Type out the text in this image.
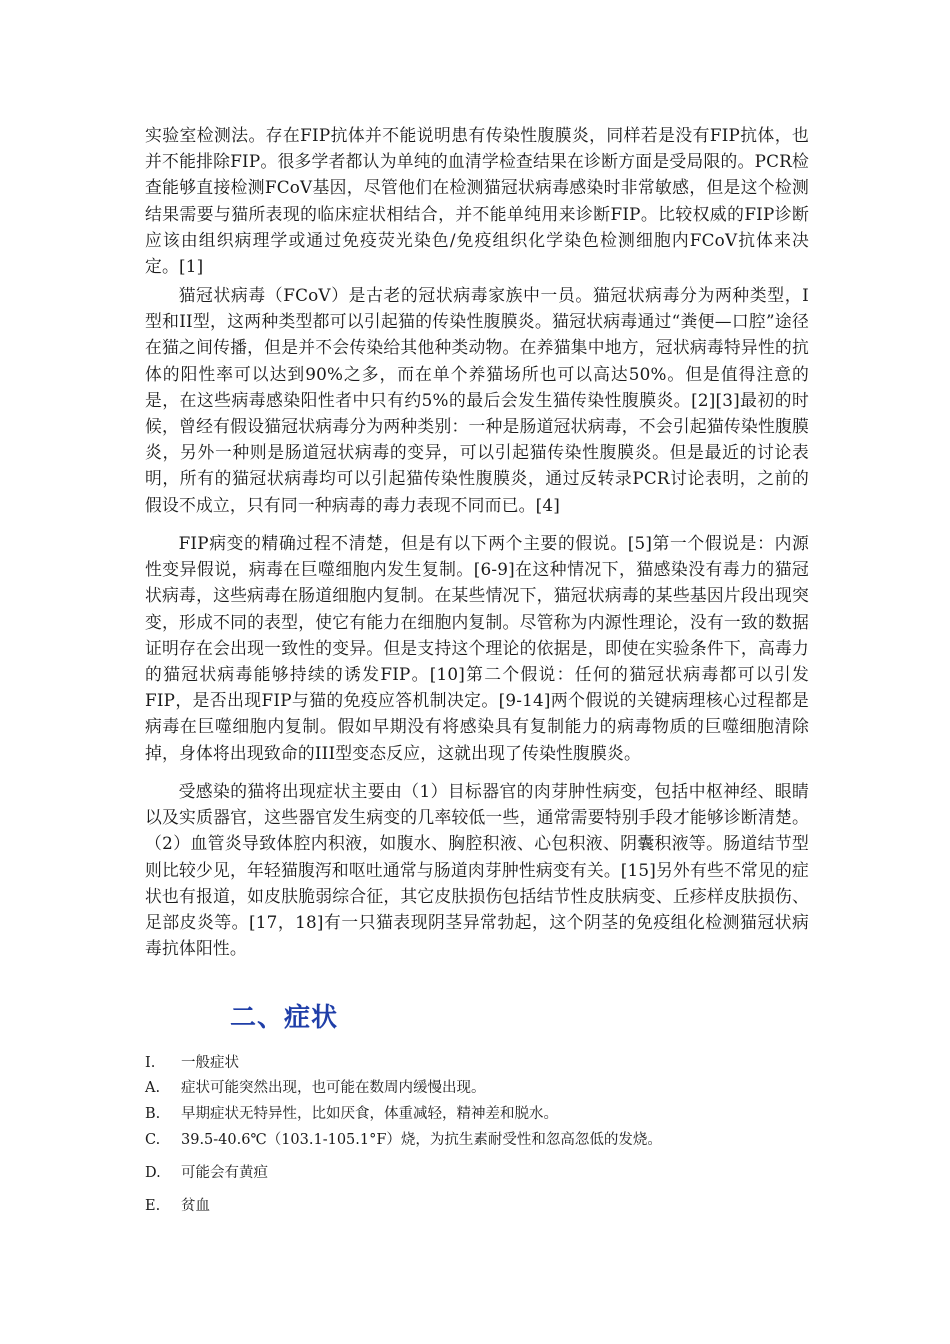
实验室检测法。存在FIP抗体并不能说明患有传染性腹膜炎，同样若是没有FIP抗体，也并不能排除FIP。很多学者都认为单纯的血清学检查结果在诊断方面是受局限的。PCR检查能够直接检测FCoV基因，尽管他们在检测猫冠状病毒感染时非常敏感，但是这个检测结果需要与猫所表现的临床症状相结合，并不能单纯用来诊断FIP。比较权威的FIP诊断应该由组织病理学或通过免疫荧光染色/免疫组织化学染色检测细胞内FCoV抗体来决定。[1]

猫冠状病毒（FCoV）是古老的冠状病毒家族中一员。猫冠状病毒分为两种类型，I型和II型，这两种类型都可以引起猫的传染性腹膜炎。猫冠状病毒通过“粪便—口腔”途径在猫之间传播，但是并不会传染给其他种类动物。在养猫集中地方，冠状病毒特异性的抗体的阳性率可以达到90%之多，而在单个养猫场所也可以高达50%。但是值得注意的是，在这些病毒感染阳性者中只有约5%的最后会发生猫传染性腹膜炎。[2][3]最初的时候，曾经有假设猫冠状病毒分为两种类别：一种是肠道冠状病毒，不会引起猫传染性腹膜炎，另外一种则是肠道冠状病毒的变异，可以引起猫传染性腹膜炎。但是最近的讨论表明，所有的猫冠状病毒均可以引起猫传染性腹膜炎，通过反转录PCR讨论表明，之前的假设不成立，只有同一种病毒的毒力表现不同而已。[4]

FIP病变的精确过程不清楚，但是有以下两个主要的假说。[5]第一个假说是：内源性变异假说，病毒在巨噬细胞内发生复制。[6-9]在这种情况下，猫感染没有毒力的猫冠状病毒，这些病毒在肠道细胞内复制。在某些情况下，猫冠状病毒的某些基因片段出现突变，形成不同的表型，使它有能力在细胞内复制。尽管称为内源性理论，没有一致的数据证明存在会出现一致性的变异。但是支持这个理论的依据是，即使在实验条件下，高毒力的猫冠状病毒能够持续的诱发FIP。[10]第二个假说：任何的猫冠状病毒都可以引发FIP，是否出现FIP与猫的免疫应答机制决定。[9-14]两个假说的关键病理核心过程都是病毒在巨噬细胞内复制。假如早期没有将感染具有复制能力的病毒物质的巨噬细胞清除掉，身体将出现致命的III型变态反应，这就出现了传染性腹膜炎。

受感染的猫将出现症状主要由（1）目标器官的肉芽肿性病变，包括中枢神经、眼睛以及实质器官，这些器官发生病变的几率较低一些，通常需要特别手段才能够诊断清楚。（2）血管炎导致体腔内积液，如腹水、胸腔积液、心包积液、阴囊积液等。肠道结节型则比较少见，年轻猫腹泻和呕吐通常与肠道肉芽肿性病变有关。[15]另外有些不常见的症状也有报道，如皮肤脆弱综合征，其它皮肤损伤包括结节性皮肤病变、丘疹样皮肤损伤、足部皮炎等。[17，18]有一只猫表现阴茎异常勃起，这个阴茎的免疫组化检测猫冠状病毒抗体阳性。

二、症状
Ⅰ. 一般症状
A. 症状可能突然出现，也可能在数周内缓慢出现。
B. 早期症状无特异性，比如厌食，体重减轻，精神差和脱水。
C. 39.5-40.6℃（103.1-105.1°F）烧，为抗生素耐受性和忽高忽低的发烧。
D. 可能会有黄疸
E. 贫血
